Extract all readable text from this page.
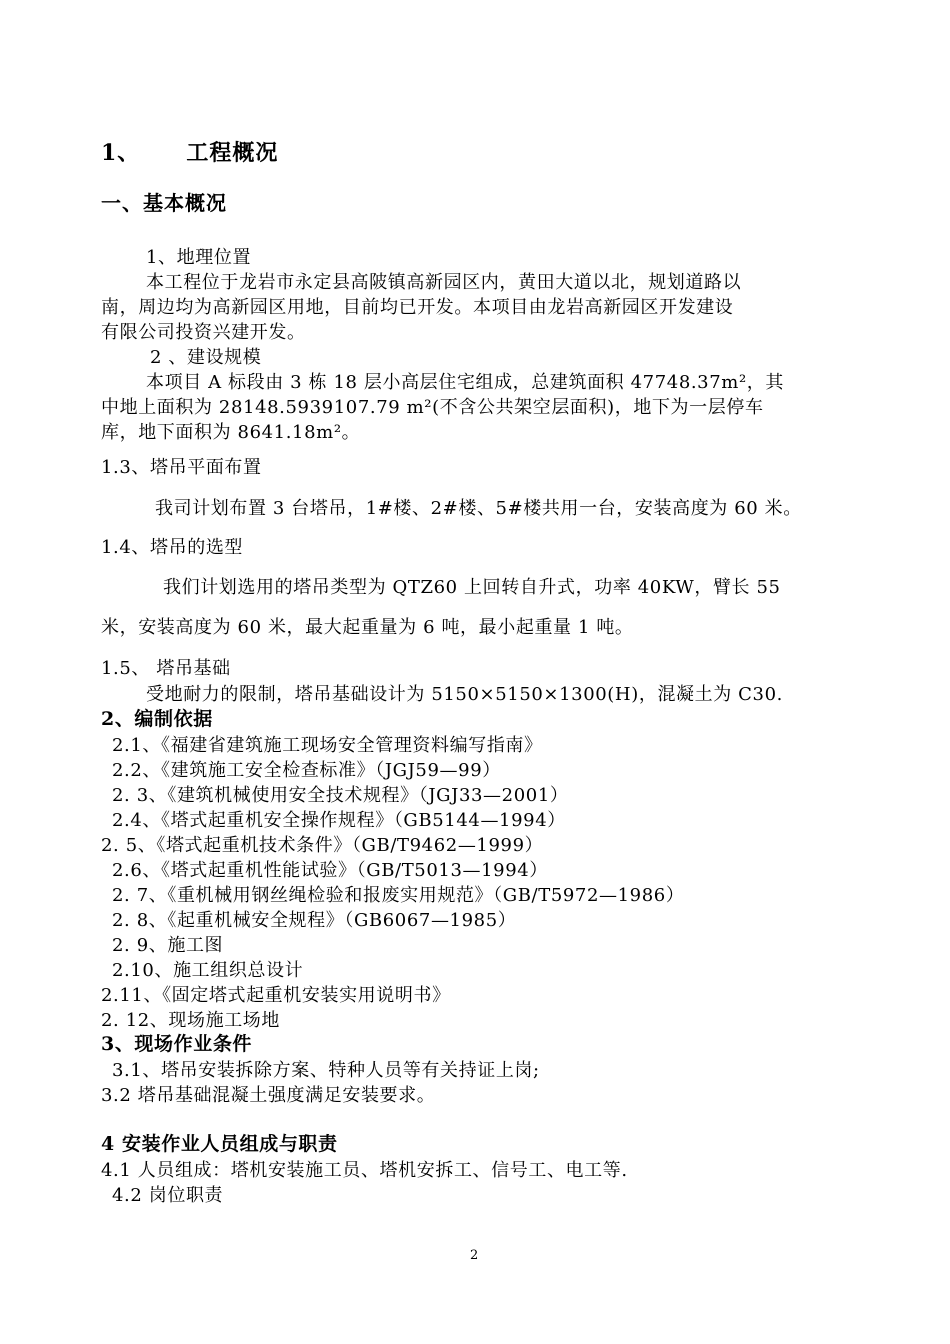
1、 工程概况
一、基本概况
1、地理位置
本工程位于龙岩市永定县高陂镇高新园区内，黄田大道以北，规划道路以
南，周边均为高新园区用地，目前均已开发。本项目由龙岩高新园区开发建设
有限公司投资兴建开发。
2 、建设规模
本项目 A 标段由 3 栋 18 层小高层住宅组成，总建筑面积 47748.37m²，其
中地上面积为 28148.5939107.79 m²(不含公共架空层面积)，地下为一层停车
库，地下面积为 8641.18m²。
1.3、塔吊平面布置
我司计划布置 3 台塔吊，1#楼、2#楼、5#楼共用一台，安装高度为 60 米。
1.4、塔吊的选型
我们计划选用的塔吊类型为 QTZ60 上回转自升式，功率 40KW，臂长 55
米，安装高度为 60 米，最大起重量为 6 吨，最小起重量 1 吨。
1.5、 塔吊基础
受地耐力的限制，塔吊基础设计为 5150×5150×1300(H)，混凝土为 C30.
2、编制依据
2.1、《福建省建筑施工现场安全管理资料编写指南》
2.2、《建筑施工安全检查标准》（JGJ59—99）
2. 3、《建筑机械使用安全技术规程》（JGJ33—2001）
2.4、《塔式起重机安全操作规程》（GB5144—1994）
2. 5、《塔式起重机技术条件》（GB/T9462—1999）
2.6、《塔式起重机性能试验》（GB/T5013—1994）
2. 7、《重机械用钢丝绳检验和报废实用规范》（GB/T5972—1986）
2. 8、《起重机械安全规程》（GB6067—1985）
2. 9、施工图
2.10、施工组织总设计
2.11、《固定塔式起重机安装实用说明书》
2. 12、现场施工场地
3、现场作业条件
3.1、塔吊安装拆除方案、特种人员等有关持证上岗;
3.2 塔吊基础混凝土强度满足安装要求。
4 安装作业人员组成与职责
4.1 人员组成：塔机安装施工员、塔机安拆工、信号工、电工等.
4.2 岗位职责
2
